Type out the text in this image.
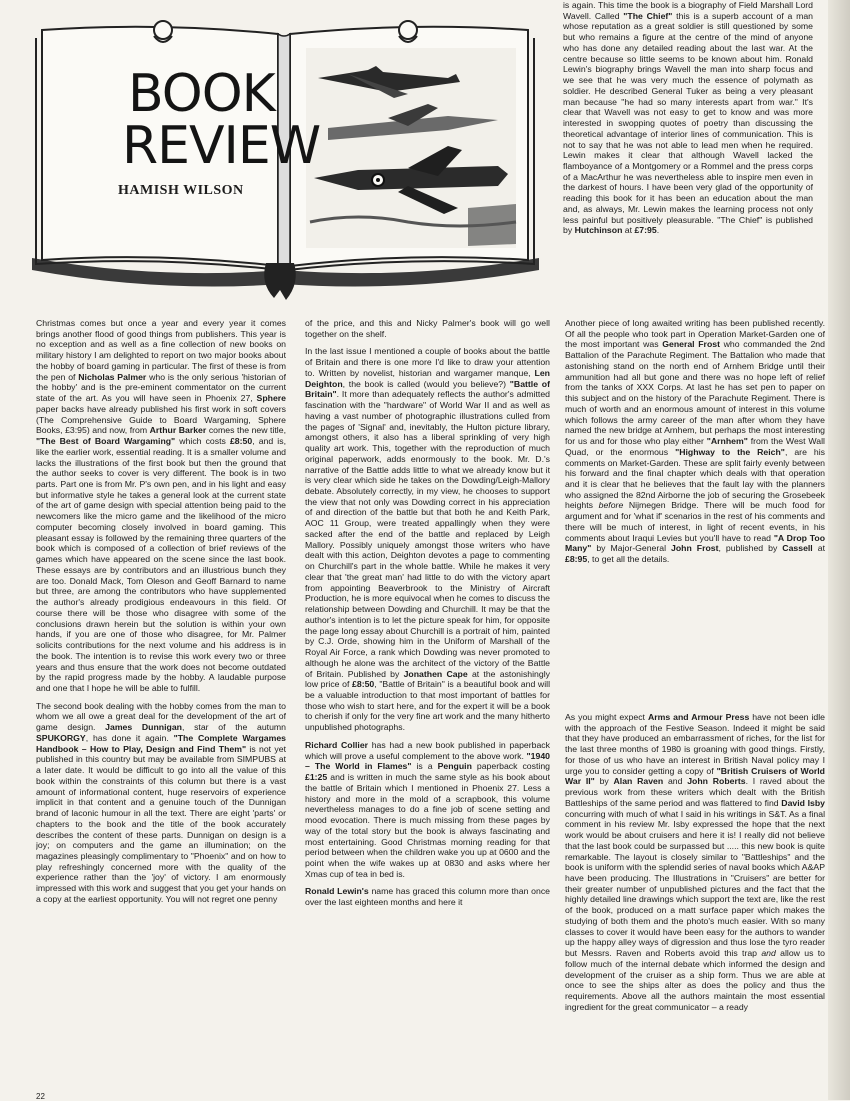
BOOK
REVIEW
HAMISH WILSON

is again. This time the book is a biography of Field Marshall Lord Wavell. Called "The Chief" this is a superb account of a man whose reputation as a great soldier is still questioned by some but who remains a figure at the centre of the mind of anyone who has done any detailed reading about the last war. At the centre because so little seems to be known about him. Ronald Lewin's biography brings Wavell the man into sharp focus and we see that he was very much the essence of polymath as soldier. He described General Tuker as being a very pleasant man because "he had so many interests apart from war." It's clear that Wavell was not easy to get to know and was more interested in swopping quotes of poetry than discussing the theoretical advantage of interior lines of communication. This is not to say that he was not able to lead men when he required. Lewin makes it clear that although Wavell lacked the flamboyance of a Montgomery or a Rommel and the press corps of a MacArthur he was nevertheless able to inspire men even in the darkest of hours. I have been very glad of the opportunity of reading this book for it has been an education about the man and, as always, Mr. Lewin makes the learning process not only less painful but positively pleasurable. "The Chief" is published by Hutchinson at £7:95.

Christmas comes but once a year and every year it comes brings another flood of good things from publishers. This year is no exception and as well as a fine collection of new books on military history I am delighted to report on two major books about the hobby of board gaming in particular. The first of these is from the pen of Nicholas Palmer who is the only serious 'historian of the hobby' and is the pre-eminent commentator on the current state of the art. As you will have seen in Phoenix 27, Sphere paper backs have already published his first work in soft covers (The Comprehensive Guide to Board Wargaming, Sphere Books, £3:95) and now, from Arthur Barker comes the new title, "The Best of Board Wargaming" which costs £8:50, and is, like the earlier work, essential reading. It is a smaller volume and lacks the illustrations of the first book but then the ground that the author seeks to cover is very different. The book is in two parts. Part one is from Mr. P's own pen, and in his light and easy but informative style he takes a general look at the current state of the art of game design with special attention being paid to the newcomers like the micro game and the likelihood of the micro computer becoming closely involved in board gaming. This pleasant essay is followed by the remaining three quarters of the book which is composed of a collection of brief reviews of the games which have appeared on the scene since the last book. These essays are by contributors and an illustrious bunch they are too. Donald Mack, Tom Oleson and Geoff Barnard to name but three, are among the contributors who have supplemented the author's already prodigious endeavours in this field. Of course there will be those who disagree with some of the conclusions drawn herein but the solution is within your own hands, if you are one of those who disagree, for Mr. Palmer solicits contributions for the next volume and his address is in the book. The intention is to revise this work every two or three years and thus ensure that the work does not become outdated by the rapid progress made by the hobby. A laudable purpose and one that I hope he will be able to fulfill.

The second book dealing with the hobby comes from the man to whom we all owe a great deal for the development of the art of game design. James Dunnigan, star of the autumn SPUKORGY, has done it again. "The Complete Wargames Handbook – How to Play, Design and Find Them" is not yet published in this country but may be available from SIMPUBS at a later date. It would be difficult to go into all the value of this book within the constraints of this column but there is a vast amount of informational content, huge reservoirs of experience implicit in that content and a genuine touch of the Dunnigan brand of laconic humour in all the text. There are eight 'parts' or chapters to the book and the title of the book accurately describes the content of these parts. Dunnigan on design is a joy; on computers and the game an illumination; on the magazines pleasingly complimentary to "Phoenix" and on how to play refreshingly concerned more with the quality of the experience rather than the 'joy' of victory. I am enormously impressed with this work and suggest that you get your hands on a copy at the earliest opportunity. You will not regret one penny

of the price, and this and Nicky Palmer's book will go well together on the shelf.

In the last issue I mentioned a couple of books about the battle of Britain and there is one more I'd like to draw your attention to. Written by novelist, historian and wargamer manque, Len Deighton, the book is called (would you believe?) "Battle of Britain". It more than adequately reflects the author's admitted fascination with the "hardware" of World War II and as well as having a vast number of photographic illustrations culled from the pages of 'Signal' and, inevitably, the Hulton picture library, amongst others, it also has a liberal sprinkling of very high quality art work. This, together with the reproduction of much original paperwork, adds enormously to the book. Mr. D.'s narrative of the Battle adds little to what we already know but it is very clear which side he takes on the Dowding/Leigh-Mallory debate. Absolutely correctly, in my view, he chooses to support the view that not only was Dowding correct in his appreciation of and direction of the battle but that both he and Keith Park, AOC 11 Group, were treated appallingly when they were sacked after the end of the battle and replaced by Leigh Mallory. Possibly uniquely amongst those writers who have dealt with this action, Deighton devotes a page to commenting on Churchill's part in the whole battle. While he makes it very clear that 'the great man' had little to do with the victory apart from appointing Beaverbrook to the Ministry of Aircraft Production, he is more equivocal when he comes to discuss the relationship between Dowding and Churchill. It may be that the author's intention is to let the picture speak for him, for opposite the page long essay about Churchill is a portrait of him, painted by C.J. Orde, showing him in the Uniform of Marshall of the Royal Air Force, a rank which Dowding was never promoted to although he alone was the architect of the victory of the Battle of Britain. Published by Jonathen Cape at the astonishingly low price of £8:50, "Battle of Britain" is a beautiful book and will be a valuable introduction to that most important of battles for those who wish to start here, and for the expert it will be a book to cherish if only for the very fine art work and the many hitherto unpublished photographs.

Richard Collier has had a new book published in paperback which will prove a useful complement to the above work. "1940 – The World in Flames" is a Penguin paperback costing £1:25 and is written in much the same style as his book about the battle of Britain which I mentioned in Phoenix 27. Less a history and more in the mold of a scrapbook, this volume nevertheless manages to do a fine job of scene setting and mood evocation. There is much missing from these pages by way of the total story but the book is always fascinating and most entertaining. Good Christmas morning reading for that period between when the children wake you up at 0600 and the point when the wife wakes up at 0830 and asks where her Xmas cup of tea in bed is.

Ronald Lewin's name has graced this column more than once over the last eighteen months and here it

Another piece of long awaited writing has been published recently. Of all the people who took part in Operation Market-Garden one of the most important was General Frost who commanded the 2nd Battalion of the Parachute Regiment. The Battalion who made that astonishing stand on the north end of Arnhem Bridge until their ammunition had all but gone and there was no hope left of relief from the tanks of XXX Corps. At last he has set pen to paper on this subject and on the history of the Parachute Regiment. There is much of worth and an enormous amount of interest in this volume which follows the army career of the man after whom they have named the new bridge at Arnhem, but perhaps the most interesting for us and for those who play either "Arnhem" from the West Wall Quad, or the enormous "Highway to the Reich", are his comments on Market-Garden. These are split fairly evenly between his forward and the final chapter which deals with that operation and it is clear that he believes that the fault lay with the planners who assigned the 82nd Airborne the job of securing the Grosebeek heights before Nijmegen Bridge. There will be much food for argument and for 'what if' scenarios in the rest of his comments and there will be much of interest, in light of recent events, in his comments about Iraqui Levies but you'll have to read "A Drop Too Many" by Major-General John Frost, published by Cassell at £8:95, to get all the details.

As you might expect Arms and Armour Press have not been idle with the approach of the Festive Season. Indeed it might be said that they have produced an embarrassment of riches, for the list for the last three months of 1980 is groaning with good things. Firstly, for those of us who have an interest in British Naval policy may I urge you to consider getting a copy of "British Cruisers of World War II" by Alan Raven and John Roberts. I raved about the previous work from these writers which dealt with the British Battleships of the same period and was flattered to find David Isby concurring with much of what I said in his writings in S&T. As a final comment in his review Mr. Isby expressed the hope that the next work would be about cruisers and here it is! I really did not believe that the last book could be surpassed but ..... this new book is quite remarkable. The layout is closely similar to "Battleships" and the book is uniform with the splendid series of naval books which A&AP have been producing. The Illustrations in "Cruisers" are better for their greater number of unpublished pictures and the fact that the highly detailed line drawings which support the text are, like the rest of the book, produced on a matt surface paper which makes the studying of both them and the photo's much easier. With so many classes to cover it would have been easy for the authors to wander up the happy alley ways of digression and thus lose the tyro reader but Messrs. Raven and Roberts avoid this trap and allow us to follow much of the internal debate which informed the design and development of the cruiser as a ship form. Thus we are able at once to see the ships alter as does the policy and thus the requirements. Above all the authors maintain the most essential ingredient for the great communicator – a ready

22
